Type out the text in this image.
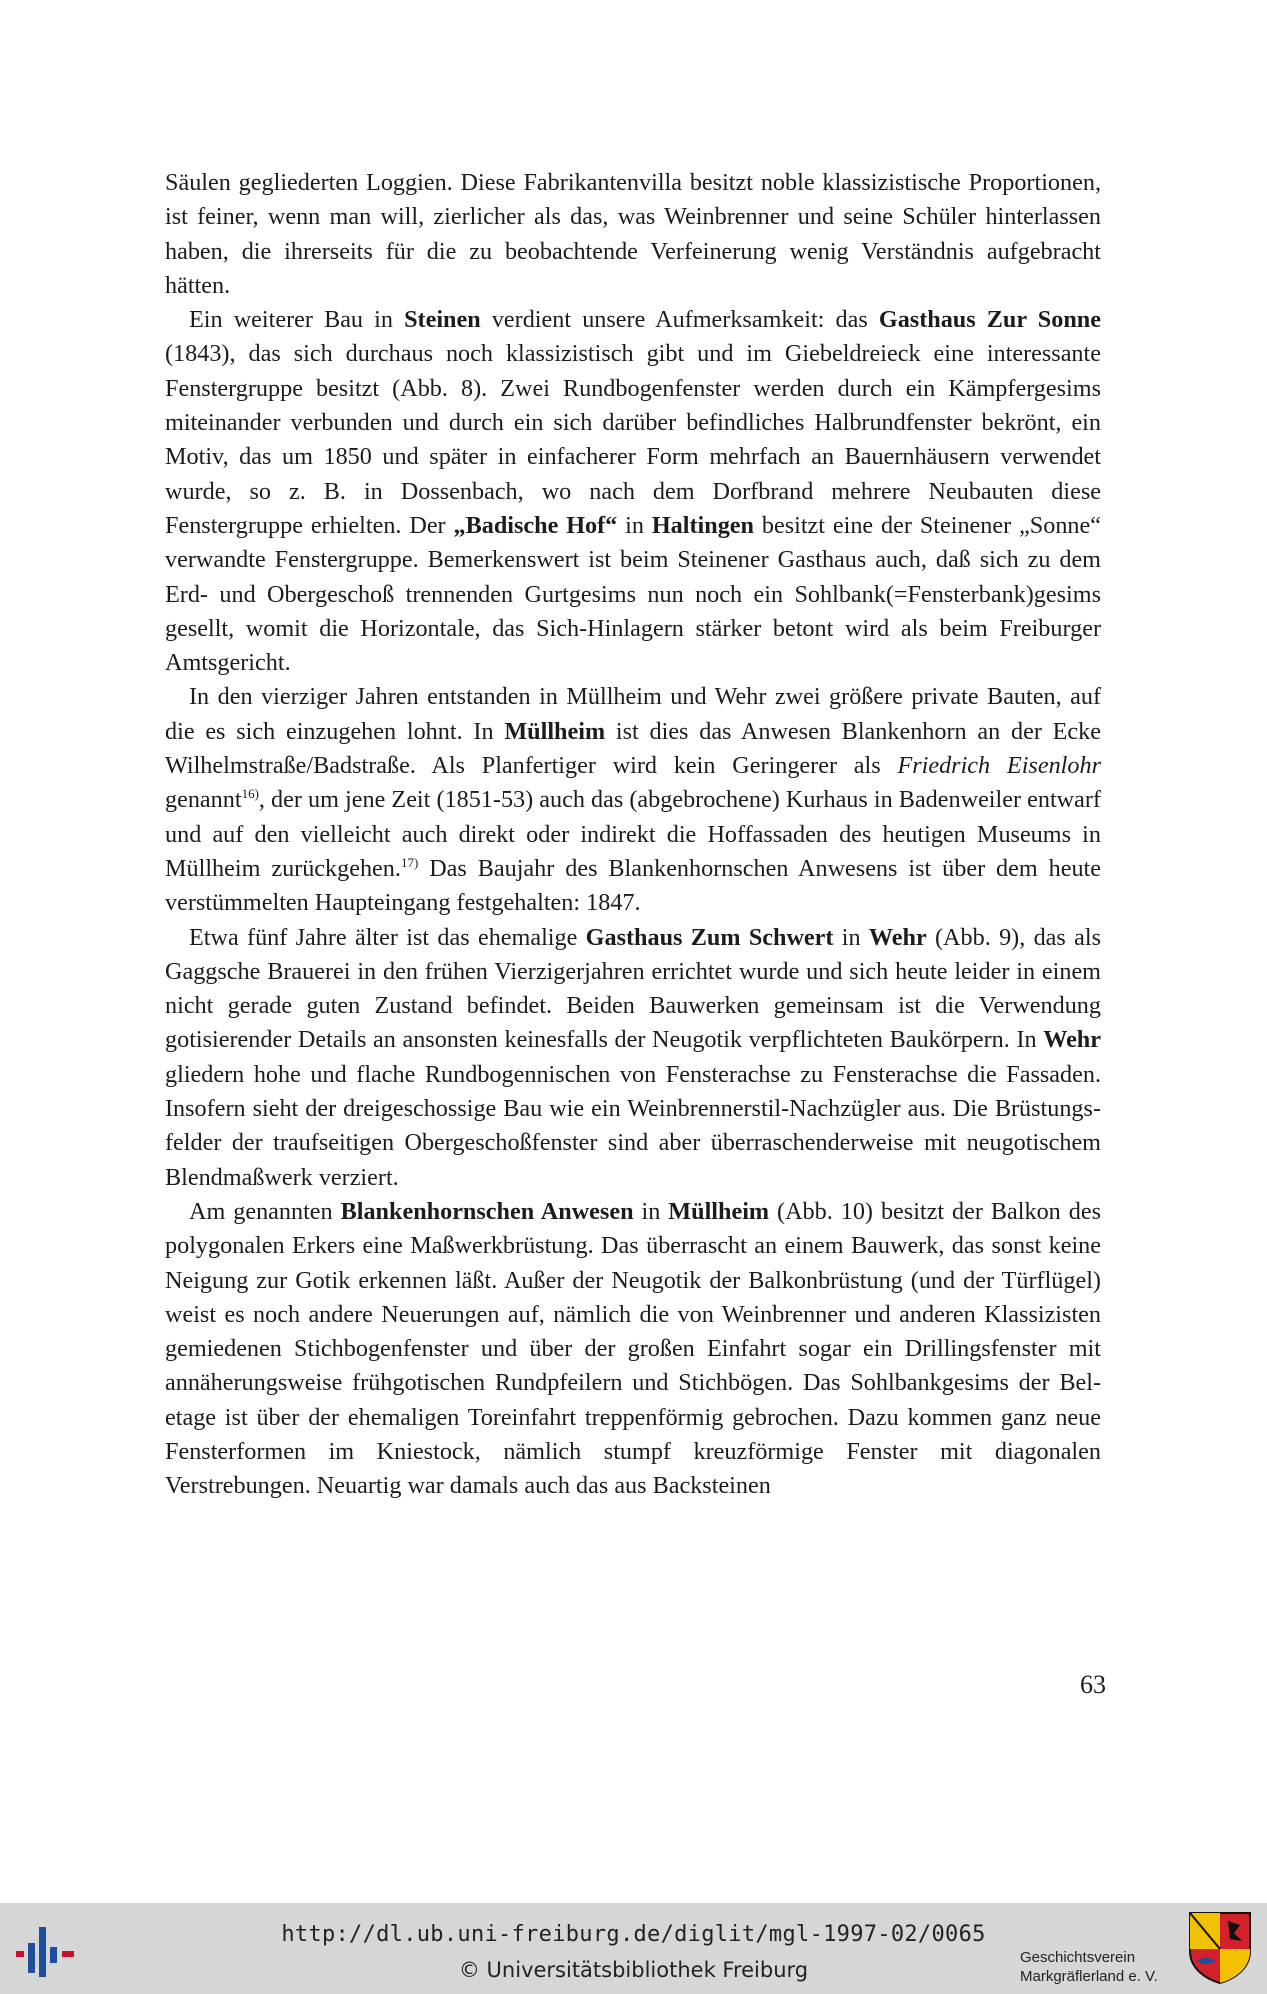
Säulen gegliederten Loggien. Diese Fabrikantenvilla besitzt noble klassizistische Proportionen, ist feiner, wenn man will, zierlicher als das, was Weinbrenner und seine Schüler hinterlassen haben, die ihrerseits für die zu beobachtende Verfeinerung wenig Verständnis aufgebracht hätten.

Ein weiterer Bau in Steinen verdient unsere Aufmerksamkeit: das Gasthaus Zur Sonne (1843), das sich durchaus noch klassizistisch gibt und im Giebeldreieck eine interessante Fenstergruppe besitzt (Abb. 8). Zwei Rundbogenfenster werden durch ein Kämpfergesims miteinander verbunden und durch ein sich darüber befindliches Halbrundfenster bekrönt, ein Motiv, das um 1850 und später in einfacherer Form mehrfach an Bauernhäusern verwendet wurde, so z. B. in Dossenbach, wo nach dem Dorfbrand mehrere Neubauten diese Fenstergruppe erhielten. Der „Badische Hof“ in Haltingen besitzt eine der Steinener „Sonne“ verwandte Fenstergruppe. Bemerkenswert ist beim Steinener Gasthaus auch, daß sich zu dem Erd- und Obergeschoß trennenden Gurtgesims nun noch ein Sohlbank(=Fensterbank)gesims gesellt, womit die Horizontale, das Sich-Hinlagern stärker betont wird als beim Freiburger Amtsgericht.

In den vierziger Jahren entstanden in Müllheim und Wehr zwei größere private Bauten, auf die es sich einzugehen lohnt. In Müllheim ist dies das Anwesen Blankenhorn an der Ecke Wilhelmstraße/Badstraße. Als Planfertiger wird kein Geringerer als Friedrich Eisenlohr genannt$^{16)}$, der um jene Zeit (1851-53) auch das (abgebrochene) Kurhaus in Badenweiler entwarf und auf den vielleicht auch direkt oder indirekt die Hoffassaden des heutigen Museums in Müllheim zurückgehen.$^{17)}$ Das Baujahr des Blankenhornschen Anwesens ist über dem heute verstümmelten Haupteingang festgehalten: 1847.

Etwa fünf Jahre älter ist das ehemalige Gasthaus Zum Schwert in Wehr (Abb. 9), das als Gaggsche Brauerei in den frühen Vierzigerjahren errichtet wurde und sich heute leider in einem nicht gerade guten Zustand befindet. Beiden Bauwerken gemeinsam ist die Verwendung gotisierender Details an ansonsten keinesfalls der Neugotik verpflichteten Baukörpern. In Wehr gliedern hohe und flache Rundbogennischen von Fensterachse zu Fensterachse die Fassaden. Insofern sieht der dreigeschossige Bau wie ein Weinbrennerstil-Nachzügler aus. Die Brüstungsfelder der traufseitigen Obergeschoßfenster sind aber überraschenderweise mit neugotischem Blendmaßwerk verziert.

Am genannten Blankenhornschen Anwesen in Müllheim (Abb. 10) besitzt der Balkon des polygonalen Erkers eine Maßwerkbrüstung. Das überrascht an einem Bauwerk, das sonst keine Neigung zur Gotik erkennen läßt. Außer der Neugotik der Balkonbrüstung (und der Türflügel) weist es noch andere Neuerungen auf, nämlich die von Weinbrenner und anderen Klassizisten gemiedenen Stichbogenfenster und über der großen Einfahrt sogar ein Drillingsfenster mit annäherungsweise frühgotischen Rundpfeilern und Stichbögen. Das Sohlbankgesims der Beletage ist über der ehemaligen Toreinfahrt treppenförmig gebrochen. Dazu kommen ganz neue Fensterformen im Kniestock, nämlich stumpf kreuzförmige Fenster mit diagonalen Verstrebungen. Neuartig war damals auch das aus Backsteinen

63
http://dl.ub.uni-freiburg.de/diglit/mgl-1997-02/0065
© Universitätsbibliothek Freiburg
Geschichtsverein
Markgräflerland e. V.
